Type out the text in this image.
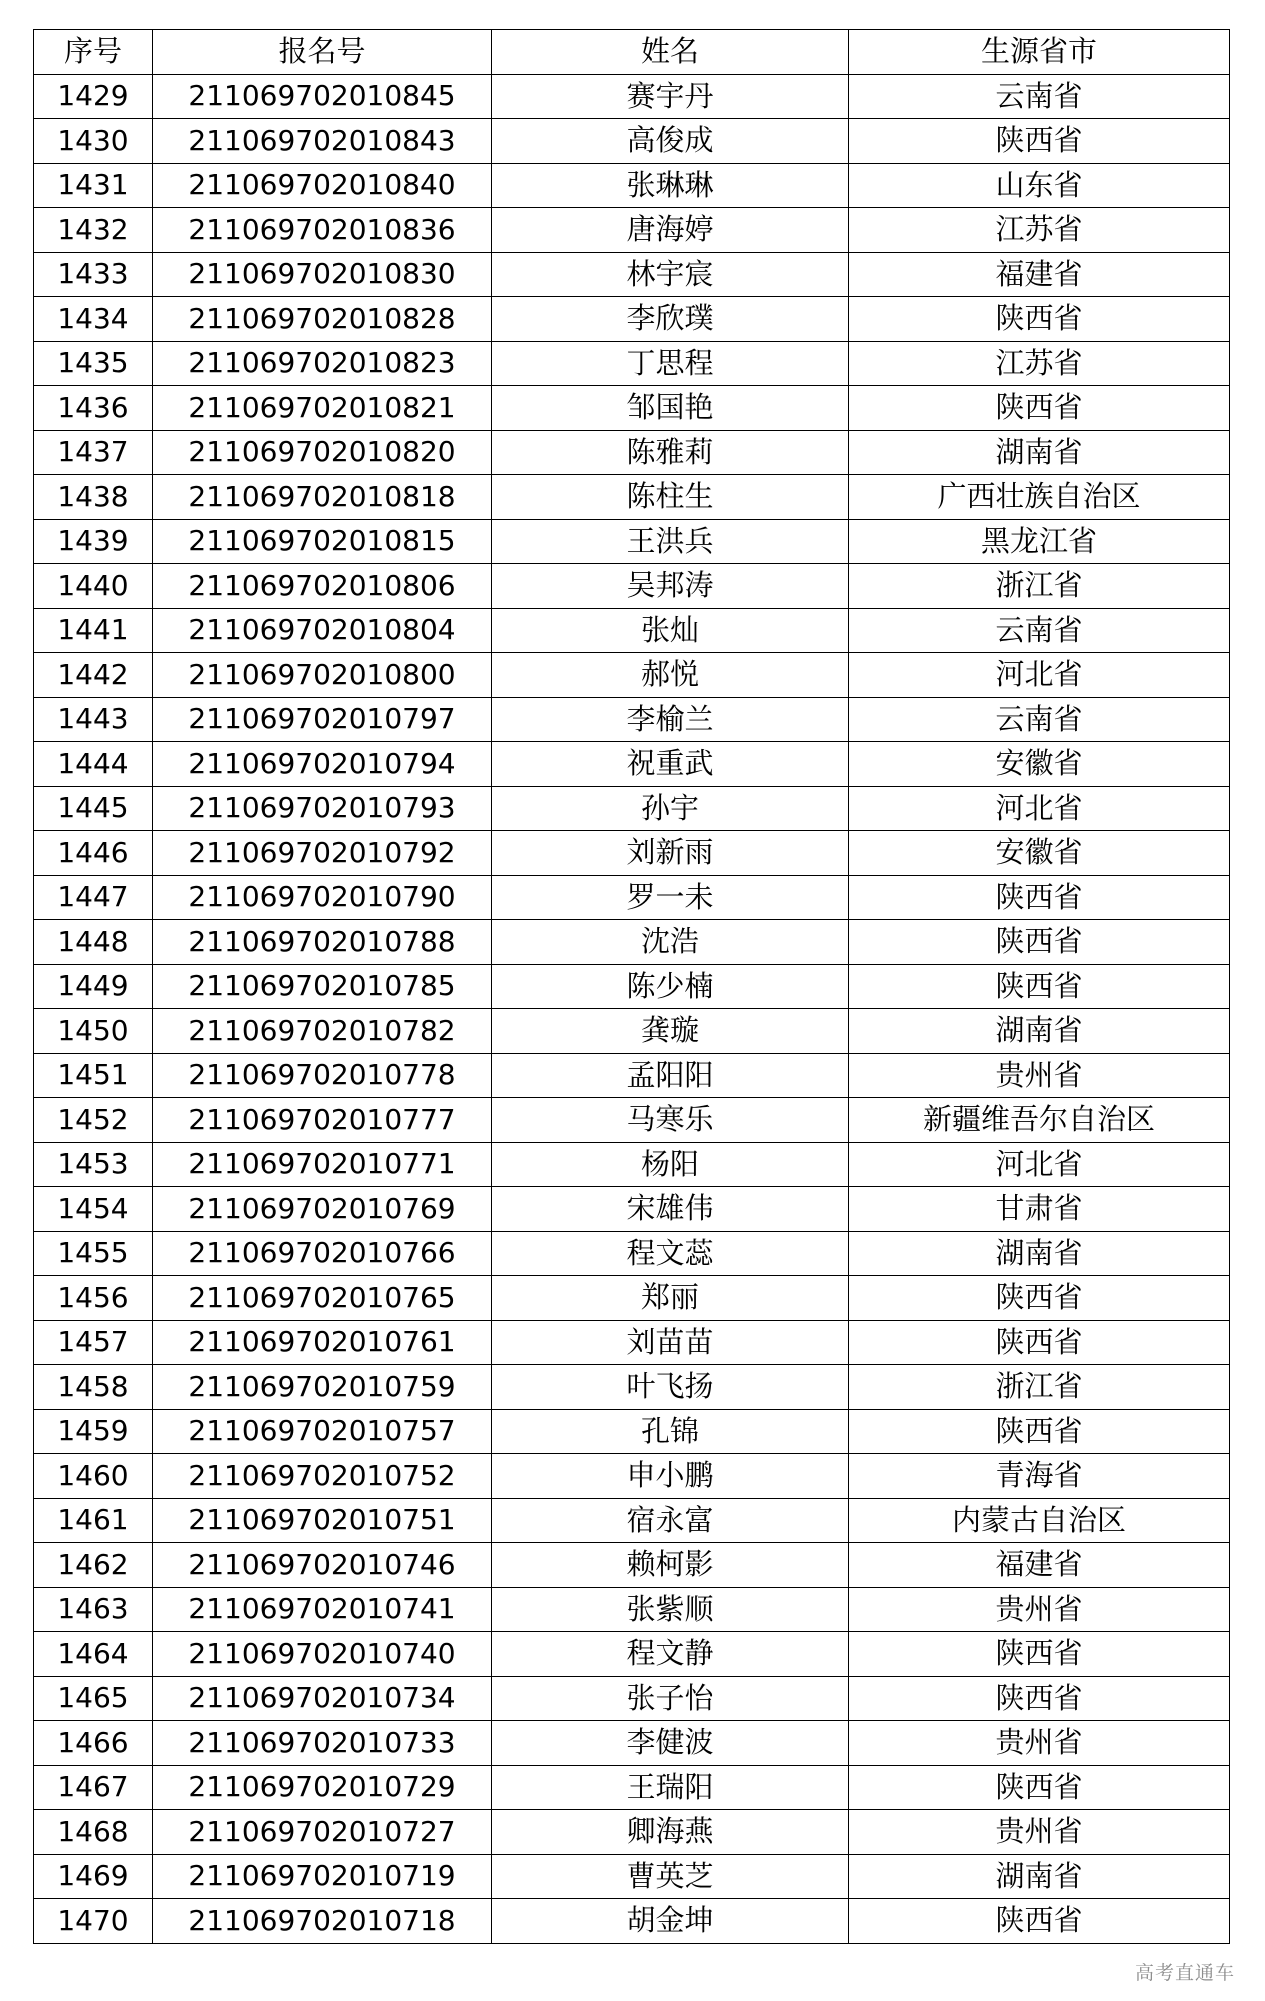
序号	报名号	姓名	生源省市
1429	211069702010845	赛宇丹	云南省
1430	211069702010843	高俊成	陕西省
1431	211069702010840	张琳琳	山东省
1432	211069702010836	唐海婷	江苏省
1433	211069702010830	林宇宸	福建省
1434	211069702010828	李欣璞	陕西省
1435	211069702010823	丁思程	江苏省
1436	211069702010821	邹国艳	陕西省
1437	211069702010820	陈雅莉	湖南省
1438	211069702010818	陈柱生	广西壮族自治区
1439	211069702010815	王洪兵	黑龙江省
1440	211069702010806	吴邦涛	浙江省
1441	211069702010804	张灿	云南省
1442	211069702010800	郝悦	河北省
1443	211069702010797	李榆兰	云南省
1444	211069702010794	祝重武	安徽省
1445	211069702010793	孙宇	河北省
1446	211069702010792	刘新雨	安徽省
1447	211069702010790	罗一未	陕西省
1448	211069702010788	沈浩	陕西省
1449	211069702010785	陈少楠	陕西省
1450	211069702010782	龚璇	湖南省
1451	211069702010778	孟阳阳	贵州省
1452	211069702010777	马寒乐	新疆维吾尔自治区
1453	211069702010771	杨阳	河北省
1454	211069702010769	宋雄伟	甘肃省
1455	211069702010766	程文蕊	湖南省
1456	211069702010765	郑丽	陕西省
1457	211069702010761	刘苗苗	陕西省
1458	211069702010759	叶飞扬	浙江省
1459	211069702010757	孔锦	陕西省
1460	211069702010752	申小鹏	青海省
1461	211069702010751	宿永富	内蒙古自治区
1462	211069702010746	赖柯影	福建省
1463	211069702010741	张紫顺	贵州省
1464	211069702010740	程文静	陕西省
1465	211069702010734	张子怡	陕西省
1466	211069702010733	李健波	贵州省
1467	211069702010729	王瑞阳	陕西省
1468	211069702010727	卿海燕	贵州省
1469	211069702010719	曹英芝	湖南省
1470	211069702010718	胡金坤	陕西省
高考直通车
